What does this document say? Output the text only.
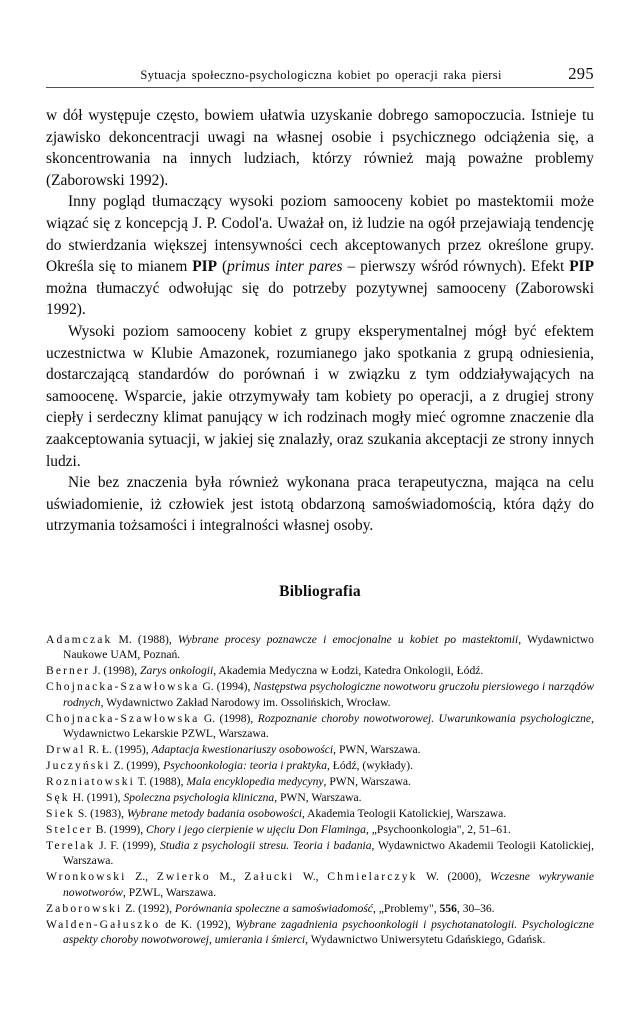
Sytuacja społeczno-psychologiczna kobiet po operacji raka piersi	295

w dół występuje często, bowiem ułatwia uzyskanie dobrego samopoczucia. Istnieje tu zjawisko dekoncentracji uwagi na własnej osobie i psychicznego odciążenia się, a skoncentrowania na innych ludziach, którzy również mają poważne problemy (Zaborowski 1992).

Inny pogląd tłumaczący wysoki poziom samooceny kobiet po mastektomii może wiązać się z koncepcją J. P. Codol'a. Uważał on, iż ludzie na ogół przejawiają tendencję do stwierdzania większej intensywności cech akceptowanych przez określone grupy. Określa się to mianem PIP (primus inter pares – pierwszy wśród równych). Efekt PIP można tłumaczyć odwołując się do potrzeby pozytywnej samooceny (Zaborowski 1992).

Wysoki poziom samooceny kobiet z grupy eksperymentalnej mógł być efektem uczestnictwa w Klubie Amazonek, rozumianego jako spotkania z grupą odniesienia, dostarczającą standardów do porównań i w związku z tym oddziaływających na samoocenę. Wsparcie, jakie otrzymywały tam kobiety po operacji, a z drugiej strony ciepły i serdeczny klimat panujący w ich rodzinach mogły mieć ogromne znaczenie dla zaakceptowania sytuacji, w jakiej się znalazły, oraz szukania akceptacji ze strony innych ludzi.

Nie bez znaczenia była również wykonana praca terapeutyczna, mająca na celu uświadomienie, iż człowiek jest istotą obdarzoną samoświadomością, która dąży do utrzymania tożsamości i integralności własnej osoby.

Bibliografia
Adamczak M. (1988), Wybrane procesy poznawcze i emocjonalne u kobiet po mastektomii, Wydawnictwo Naukowe UAM, Poznań.
Berner J. (1998), Zarys onkologii, Akademia Medyczna w Łodzi, Katedra Onkologii, Łódź.
Chojnacka-Szawłowska G. (1994), Następstwa psychologiczne nowotworu gruczołu piersiowego i narządów rodnych, Wydawnictwo Zakład Narodowy im. Ossolińskich, Wrocław.
Chojnacka-Szawłowska G. (1998), Rozpoznanie choroby nowotworowej. Uwarunkowania psychologiczne, Wydawnictwo Lekarskie PZWL, Warszawa.
Drwal R. Ł. (1995), Adaptacja kwestionariuszy osobowości, PWN, Warszawa.
Juczyński Z. (1999), Psychoonkologia: teoria i praktyka, Łódź, (wykłady).
Rozniatowski T. (1988), Mala encyklopedia medycyny, PWN, Warszawa.
Sęk H. (1991), Spoleczna psychologia kliniczna, PWN, Warszawa.
Siek S. (1983), Wybrane metody badania osobowości, Akademia Teologii Katolickiej, Warszawa.
Stelcer B. (1999), Chory i jego cierpienie w ujęciu Don Flaminga, „Psychoonkologia", 2, 51–61.
Terelak J. F. (1999), Studia z psychologii stresu. Teoria i badania, Wydawnictwo Akademii Teologii Katolickiej, Warszawa.
Wronkowski Z., Zwierko M., Załucki W., Chmielarczyk W. (2000), Wczesne wykrywanie nowotworów, PZWL, Warszawa.
Zaborowski Z. (1992), Porównania spoleczne a samoświadomość, „Problemy", 556, 30–36.
Walden-Gałuszko de K. (1992), Wybrane zagadnienia psychoonkologii i psychotanatologii. Psychologiczne aspekty choroby nowotworowej, umierania i śmierci, Wydawnictwo Uniwersytetu Gdańskiego, Gdańsk.
